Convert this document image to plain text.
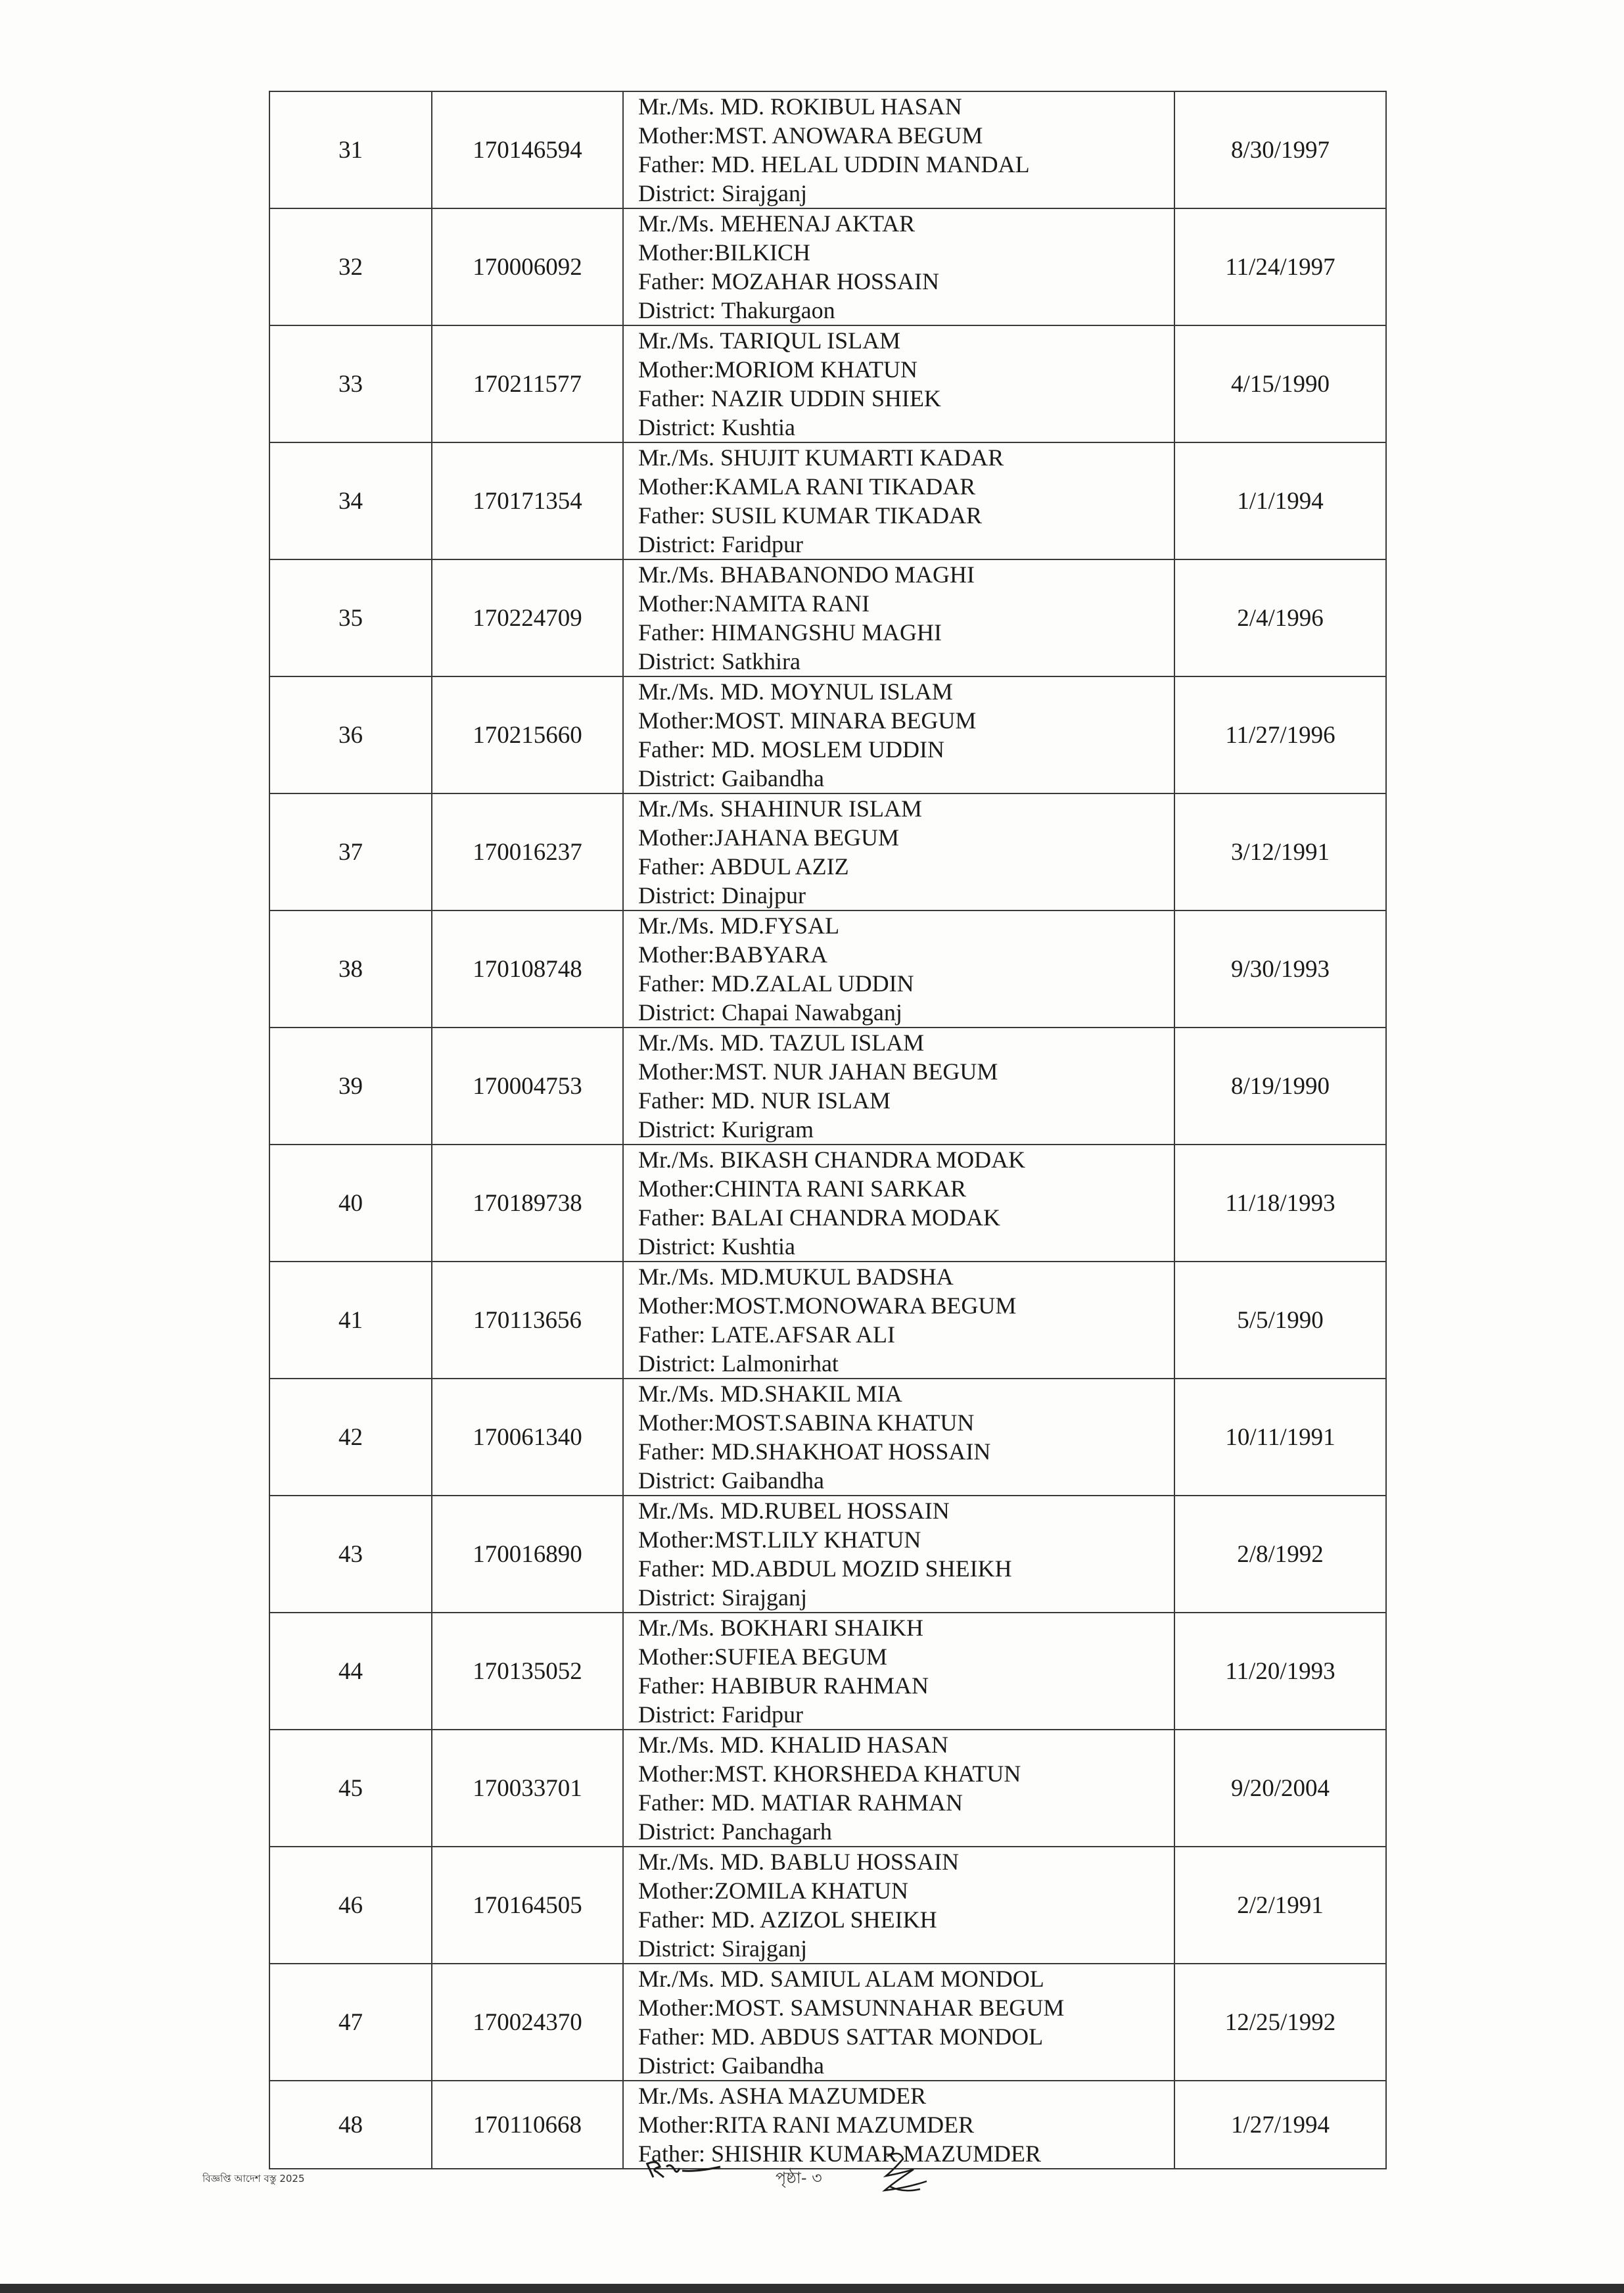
31	170146594	Mr./Ms. MD. ROKIBUL HASAN
Mother:MST. ANOWARA BEGUM
Father: MD. HELAL UDDIN MANDAL
District: Sirajganj	8/30/1997
32	170006092	Mr./Ms. MEHENAJ AKTAR
Mother:BILKICH
Father: MOZAHAR HOSSAIN
District: Thakurgaon	11/24/1997
33	170211577	Mr./Ms. TARIQUL ISLAM
Mother:MORIOM KHATUN
Father: NAZIR UDDIN SHIEK
District: Kushtia	4/15/1990
34	170171354	Mr./Ms. SHUJIT KUMARTI KADAR
Mother:KAMLA RANI TIKADAR
Father: SUSIL KUMAR TIKADAR
District: Faridpur	1/1/1994
35	170224709	Mr./Ms. BHABANONDO MAGHI
Mother:NAMITA RANI
Father: HIMANGSHU MAGHI
District: Satkhira	2/4/1996
36	170215660	Mr./Ms. MD. MOYNUL ISLAM
Mother:MOST. MINARA BEGUM
Father: MD. MOSLEM UDDIN
District: Gaibandha	11/27/1996
37	170016237	Mr./Ms. SHAHINUR ISLAM
Mother:JAHANA BEGUM
Father: ABDUL AZIZ
District: Dinajpur	3/12/1991
38	170108748	Mr./Ms. MD.FYSAL
Mother:BABYARA
Father: MD.ZALAL UDDIN
District: Chapai Nawabganj	9/30/1993
39	170004753	Mr./Ms. MD. TAZUL ISLAM
Mother:MST. NUR JAHAN BEGUM
Father: MD. NUR ISLAM
District: Kurigram	8/19/1990
40	170189738	Mr./Ms. BIKASH CHANDRA MODAK
Mother:CHINTA RANI SARKAR
Father: BALAI CHANDRA MODAK
District: Kushtia	11/18/1993
41	170113656	Mr./Ms. MD.MUKUL BADSHA
Mother:MOST.MONOWARA BEGUM
Father: LATE.AFSAR ALI
District: Lalmonirhat	5/5/1990
42	170061340	Mr./Ms. MD.SHAKIL MIA
Mother:MOST.SABINA KHATUN
Father: MD.SHAKHOAT HOSSAIN
District: Gaibandha	10/11/1991
43	170016890	Mr./Ms. MD.RUBEL HOSSAIN
Mother:MST.LILY KHATUN
Father: MD.ABDUL MOZID SHEIKH
District: Sirajganj	2/8/1992
44	170135052	Mr./Ms. BOKHARI SHAIKH
Mother:SUFIEA BEGUM
Father: HABIBUR RAHMAN
District: Faridpur	11/20/1993
45	170033701	Mr./Ms. MD. KHALID HASAN
Mother:MST. KHORSHEDA KHATUN
Father: MD. MATIAR RAHMAN
District: Panchagarh	9/20/2004
46	170164505	Mr./Ms. MD. BABLU HOSSAIN
Mother:ZOMILA KHATUN
Father: MD. AZIZOL SHEIKH
District: Sirajganj	2/2/1991
47	170024370	Mr./Ms. MD. SAMIUL ALAM MONDOL
Mother:MOST. SAMSUNNAHAR BEGUM
Father: MD. ABDUS SATTAR MONDOL
District: Gaibandha	12/25/1992
48	170110668	Mr./Ms. ASHA MAZUMDER
Mother:RITA RANI MAZUMDER
Father: SHISHIR KUMAR MAZUMDER	1/27/1994
বিজ্ঞপ্তি আদেশ বস্তু 2025	পৃষ্ঠা- ৩
